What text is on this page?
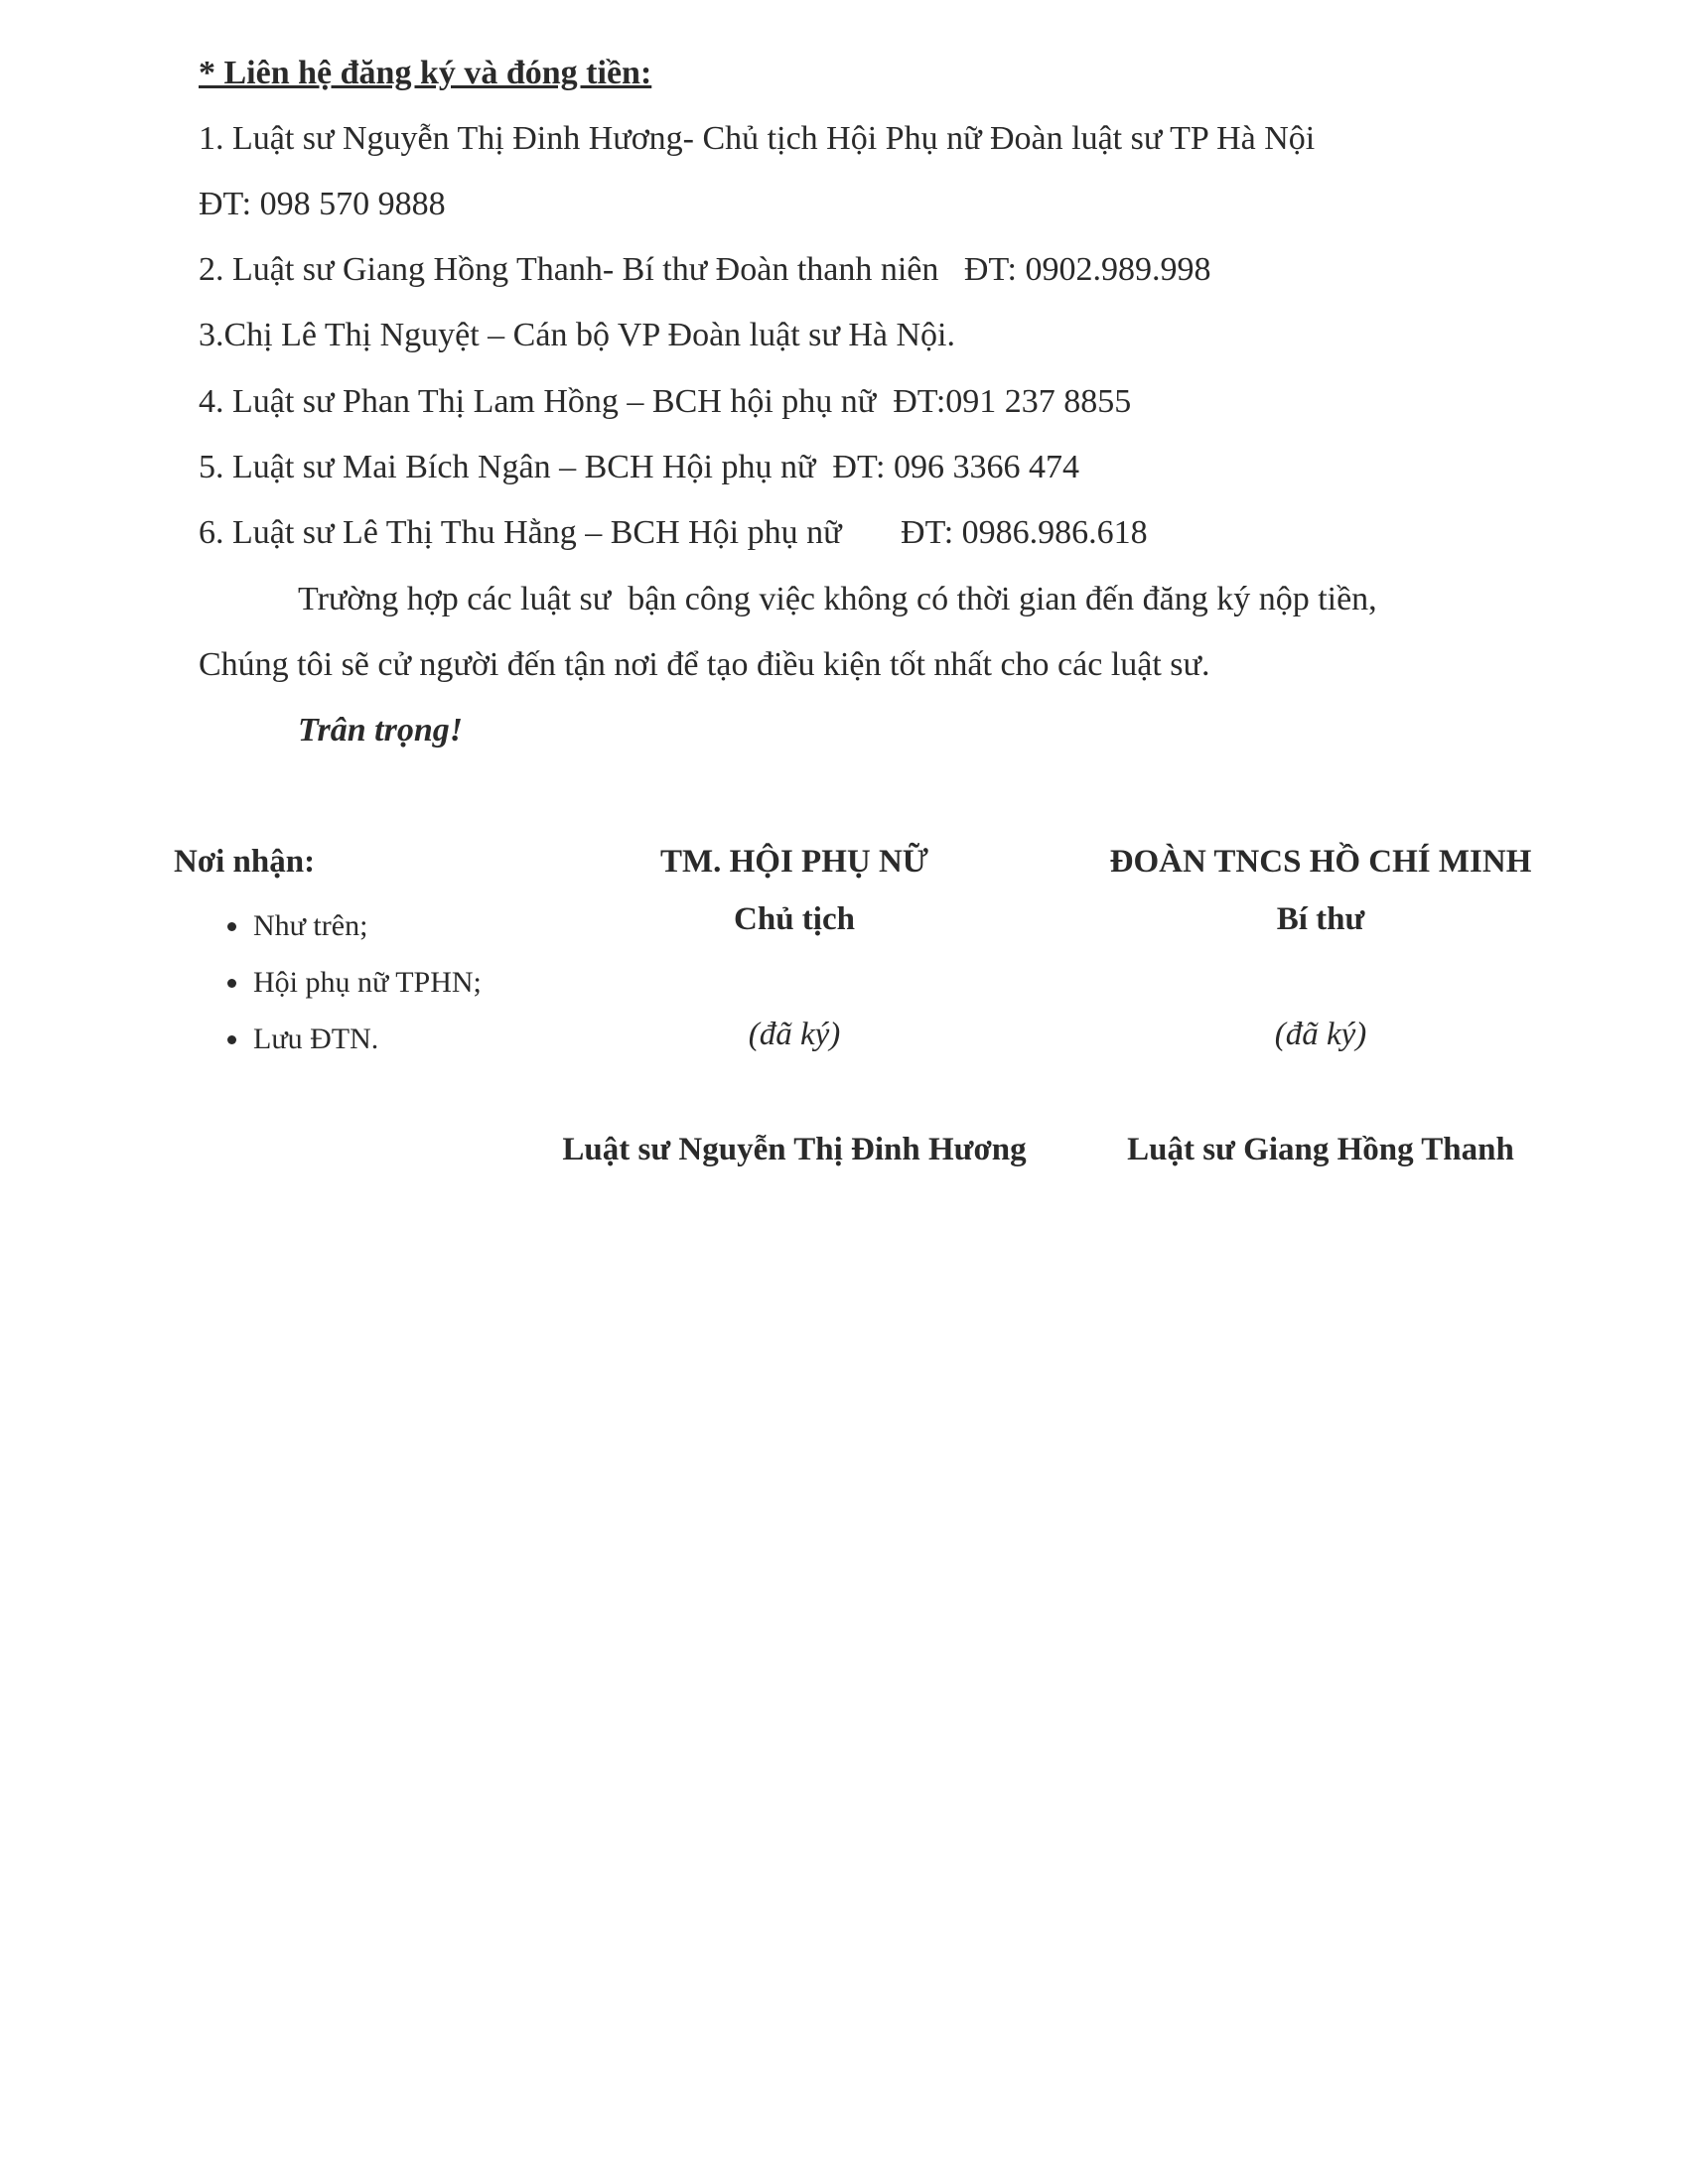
* Liên hệ đăng ký và đóng tiền:
1. Luật sư Nguyễn Thị Đinh Hương- Chủ tịch Hội Phụ nữ Đoàn luật sư TP Hà Nội
ĐT: 098 570 9888
2. Luật sư Giang Hồng Thanh- Bí thư Đoàn thanh niên   ĐT: 0902.989.998
3.Chị Lê Thị Nguyệt – Cán bộ VP Đoàn luật sư Hà Nội.
4. Luật sư Phan Thị Lam Hồng – BCH hội phụ nữ  ĐT:091 237 8855
5. Luật sư Mai Bích Ngân – BCH Hội phụ nữ  ĐT: 096 3366 474
6. Luật sư Lê Thị Thu Hằng – BCH Hội phụ nữ       ĐT: 0986.986.618
Trường hợp các luật sư  bận công việc không có thời gian đến đăng ký nộp tiền,
Chúng tôi sẽ cử người đến tận nơi để tạo điều kiện tốt nhất cho các luật sư.
Trân trọng!
Nơi nhận:
• Như trên;
• Hội phụ nữ TPHN;
• Lưu ĐTN.
TM. HỘI PHỤ NỮ
Chủ tịch
(đã ký)
Luật sư Nguyễn Thị Đinh Hương
ĐOÀN TNCS HỒ CHÍ MINH
Bí thư
(đã ký)
Luật sư Giang Hồng Thanh
